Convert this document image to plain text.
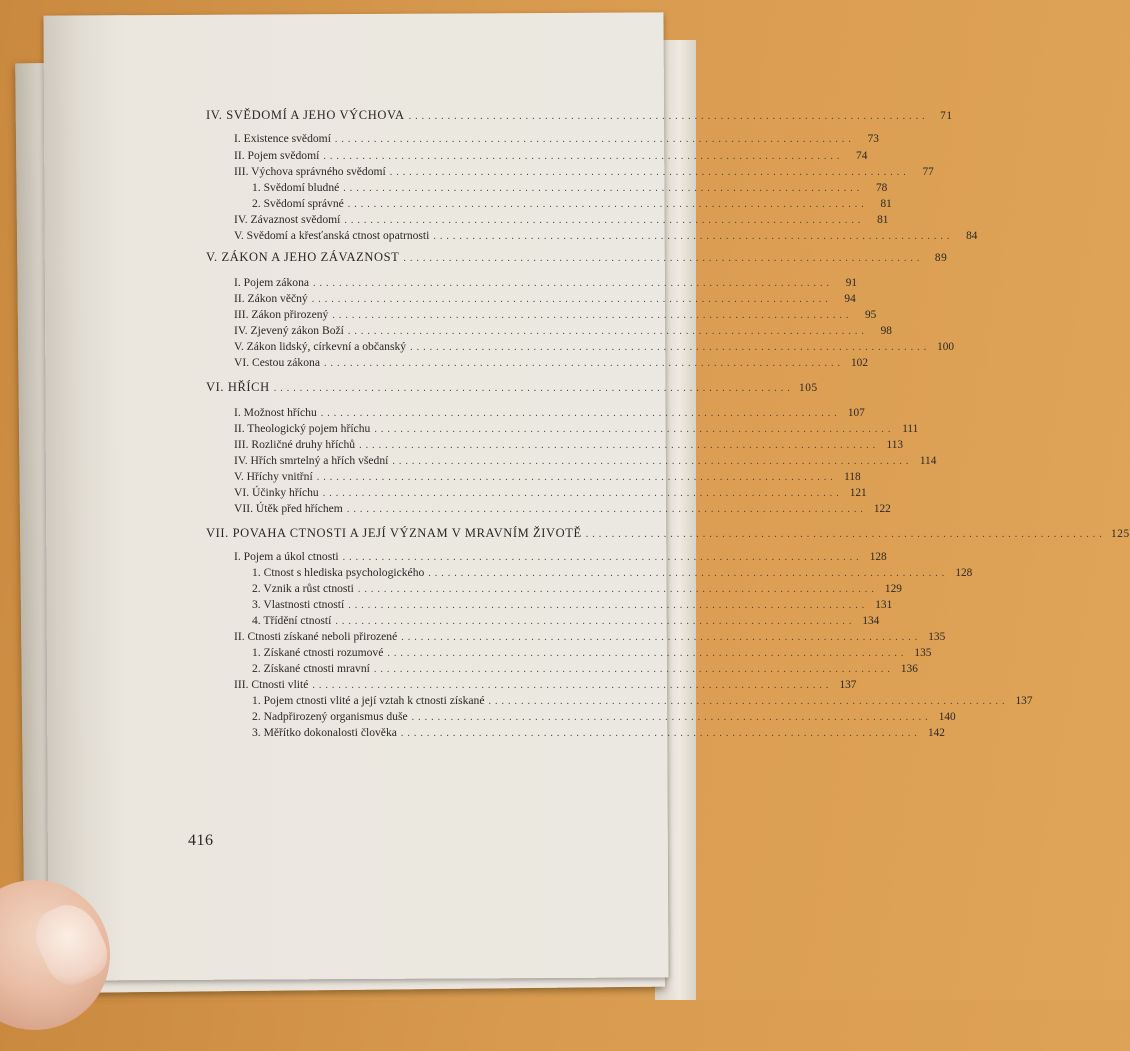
IV. SVĚDOMÍ A JEHO VÝCHOVA ................................................................................	71
I. Existence svědomí ................................................................................	73
II. Pojem svědomí ................................................................................	74
III. Výchova správného svědomí ................................................................................	77
1. Svědomí bludné ................................................................................	78
2. Svědomí správné ................................................................................	81
IV. Závaznost svědomí ................................................................................	81
V. Svědomí a křesťanská ctnost opatrnosti ................................................................................	84
V. ZÁKON A JEHO ZÁVAZNOST ................................................................................	89
I. Pojem zákona ................................................................................	91
II. Zákon věčný ................................................................................	94
III. Zákon přirozený ................................................................................	95
IV. Zjevený zákon Boží ................................................................................	98
V. Zákon lidský, církevní a občanský ................................................................................ 100
VI. Cestou zákona ................................................................................ 102
VI. HŘÍCH ................................................................................ 105
I. Možnost hříchu ................................................................................ 107
II. Theologický pojem hříchu ................................................................................ 111
III. Rozličné druhy hříchů ................................................................................ 113
IV. Hřích smrtelný a hřích všední ................................................................................ 114
V. Hříchy vnitřní ................................................................................ 118
VI. Účinky hříchu ................................................................................ 121
VII. Útěk před hříchem ................................................................................ 122
VII. POVAHA CTNOSTI A JEJÍ VÝZNAM V MRAVNÍM ŽIVOTĚ ................................................................................ 125
I. Pojem a úkol ctnosti ................................................................................ 128
1. Ctnost s hlediska psychologického ................................................................................ 128
2. Vznik a růst ctnosti ................................................................................ 129
3. Vlastnosti ctností ................................................................................ 131
4. Třídění ctností ................................................................................ 134
II. Ctnosti získané neboli přirozené ................................................................................ 135
1. Získané ctnosti rozumové ................................................................................ 135
2. Získané ctnosti mravní ................................................................................ 136
III. Ctnosti vlité ................................................................................ 137
1. Pojem ctnosti vlité a její vztah k ctnosti získané ................................................................................ 137
2. Nadpřirozený organismus duše ................................................................................ 140
3. Měřítko dokonalosti člověka ................................................................................ 142
416
